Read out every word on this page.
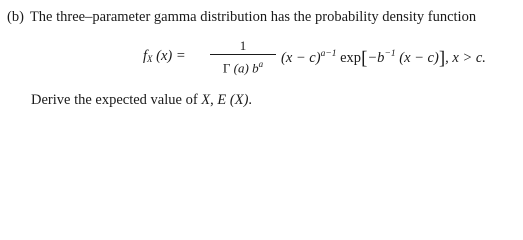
(b) The three–parameter gamma distribution has the probability density function
$f_X$ (x) =
1
Γ (a) $b^a$	$(x - c)^{a-1}$ $\exp[-b^{-1}$ (x − c)], x > c.
Derive the expected value of X, E (X).
